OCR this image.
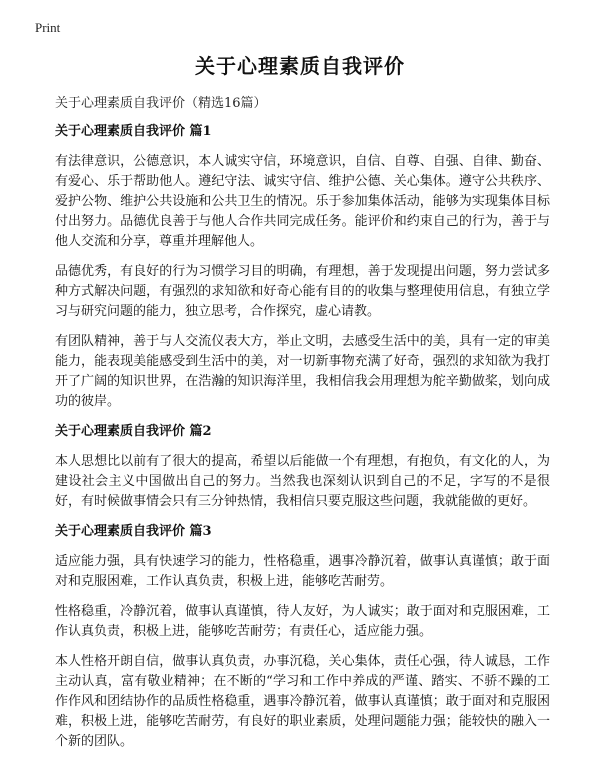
Print
关于心理素质自我评价
关于心理素质自我评价（精选16篇）
关于心理素质自我评价 篇1

有法律意识，公德意识，本人诚实守信，环境意识，自信、自尊、自强、自律、勤奋、有爱心、乐于帮助他人。遵纪守法、诚实守信、维护公德、关心集体。遵守公共秩序、爱护公物、维护公共设施和公共卫生的情况。乐于参加集体活动，能够为实现集体目标付出努力。品德优良善于与他人合作共同完成任务。能评价和约束自己的行为，善于与他人交流和分享，尊重并理解他人。

品德优秀，有良好的行为习惯学习目的明确，有理想，善于发现提出问题，努力尝试多种方式解决问题，有强烈的求知欲和好奇心能有目的的收集与整理使用信息，有独立学习与研究问题的能力，独立思考，合作探究，虚心请教。

有团队精神，善于与人交流仪表大方，举止文明，去感受生活中的美，具有一定的审美能力，能表现美能感受到生活中的美，对一切新事物充满了好奇，强烈的求知欲为我打开了广阔的知识世界，在浩瀚的知识海洋里，我相信我会用理想为舵辛勤做桨，划向成功的彼岸。

关于心理素质自我评价 篇2

本人思想比以前有了很大的提高，希望以后能做一个有理想，有抱负，有文化的人，为建设社会主义中国做出自己的努力。当然我也深刻认识到自己的不足，字写的不是很好，有时候做事情会只有三分钟热情，我相信只要克服这些问题，我就能做的更好。

关于心理素质自我评价 篇3

适应能力强，具有快速学习的能力，性格稳重，遇事冷静沉着，做事认真谨慎；敢于面对和克服困难，工作认真负责，积极上进，能够吃苦耐劳。

性格稳重，冷静沉着，做事认真谨慎，待人友好，为人诚实；敢于面对和克服困难，工作认真负责，积极上进，能够吃苦耐劳；有责任心，适应能力强。

本人性格开朗自信，做事认真负责，办事沉稳，关心集体，责任心强，待人诚恳，工作主动认真，富有敬业精神；在不断的“学习和工作中养成的严谨、踏实、不骄不躁的工作作风和团结协作的品质性格稳重，遇事冷静沉着，做事认真谨慎；敢于面对和克服困难，积极上进，能够吃苦耐劳，有良好的职业素质，处理问题能力强；能较快的融入一个新的团队。
